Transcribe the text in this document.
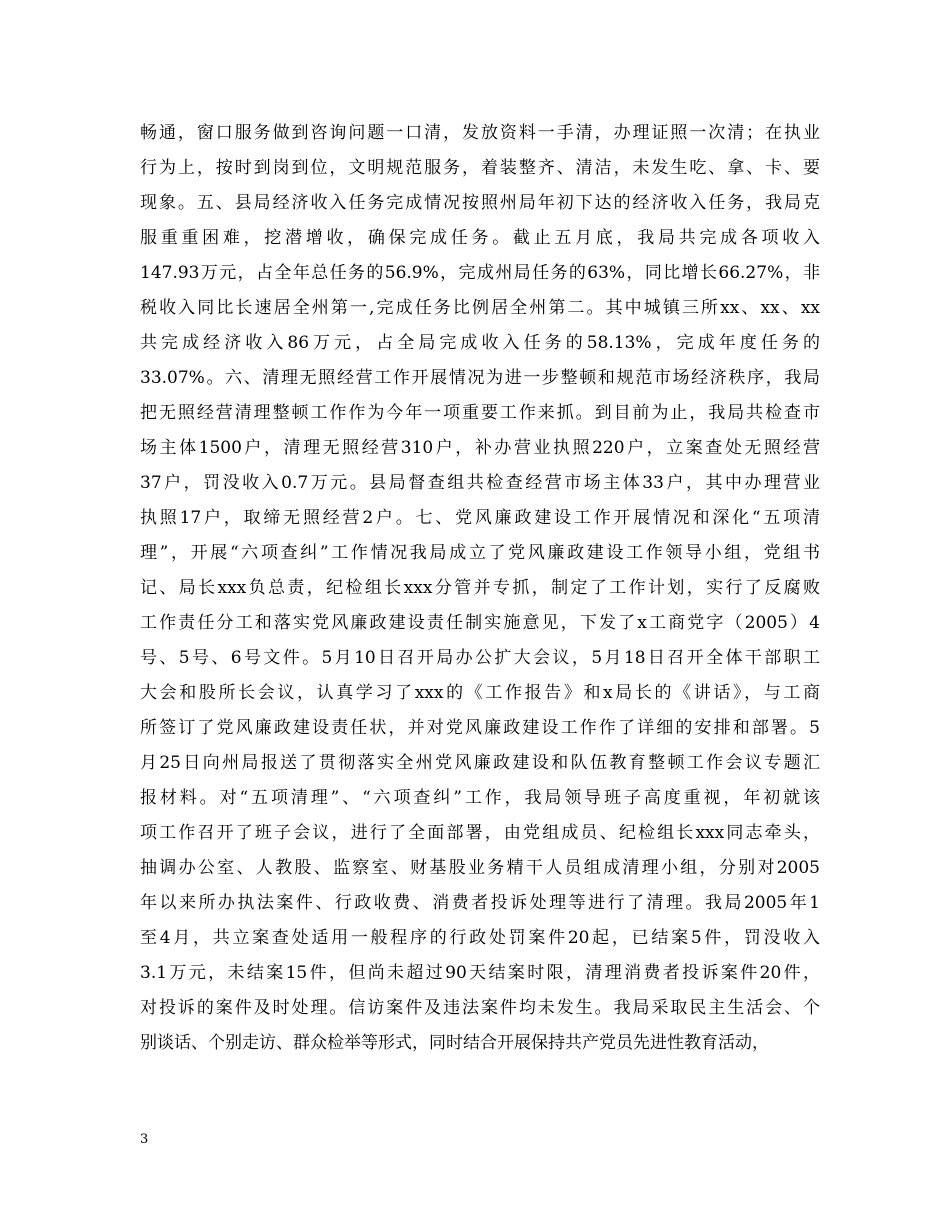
畅通，窗口服务做到咨询问题一口清，发放资料一手清，办理证照一次清；在执业
行为上，按时到岗到位，文明规范服务，着装整齐、清洁，未发生吃、拿、卡、要
现象。五、县局经济收入任务完成情况按照州局年初下达的经济收入任务，我局克
服重重困难，挖潜增收，确保完成任务。截止五月底，我局共完成各项收入
147.93万元，占全年总任务的56.9%，完成州局任务的63%，同比增长66.27%，非
税收入同比长速居全州第一,完成任务比例居全州第二。其中城镇三所xx、xx、xx
共完成经济收入86万元，占全局完成收入任务的58.13%，完成年度任务的
33.07%。六、清理无照经营工作开展情况为进一步整顿和规范市场经济秩序，我局
把无照经营清理整顿工作作为今年一项重要工作来抓。到目前为止，我局共检查市
场主体1500户，清理无照经营310户，补办营业执照220户，立案查处无照经营
37户，罚没收入0.7万元。县局督查组共检查经营市场主体33户，其中办理营业
执照17户，取缔无照经营2户。七、党风廉政建设工作开展情况和深化“五项清
理”，开展“六项查纠”工作情况我局成立了党风廉政建设工作领导小组，党组书
记、局长xxx负总责，纪检组长xxx分管并专抓，制定了工作计划，实行了反腐败
工作责任分工和落实党风廉政建设责任制实施意见，下发了x工商党字（2005）4
号、5号、6号文件。5月10日召开局办公扩大会议，5月18日召开全体干部职工
大会和股所长会议，认真学习了xxx的《工作报告》和x局长的《讲话》，与工商
所签订了党风廉政建设责任状，并对党风廉政建设工作作了详细的安排和部署。5
月25日向州局报送了贯彻落实全州党风廉政建设和队伍教育整顿工作会议专题汇
报材料。对“五项清理”、“六项查纠”工作，我局领导班子高度重视，年初就该
项工作召开了班子会议，进行了全面部署，由党组成员、纪检组长xxx同志牵头，
抽调办公室、人教股、监察室、财基股业务精干人员组成清理小组，分别对2005
年以来所办执法案件、行政收费、消费者投诉处理等进行了清理。我局2005年1
至4月，共立案查处适用一般程序的行政处罚案件20起，已结案5件，罚没收入
3.1万元，未结案15件，但尚未超过90天结案时限，清理消费者投诉案件20件，
对投诉的案件及时处理。信访案件及违法案件均未发生。我局采取民主生活会、个
别谈话、个别走访、群众检举等形式，同时结合开展保持共产党员先进性教育活动，
3
